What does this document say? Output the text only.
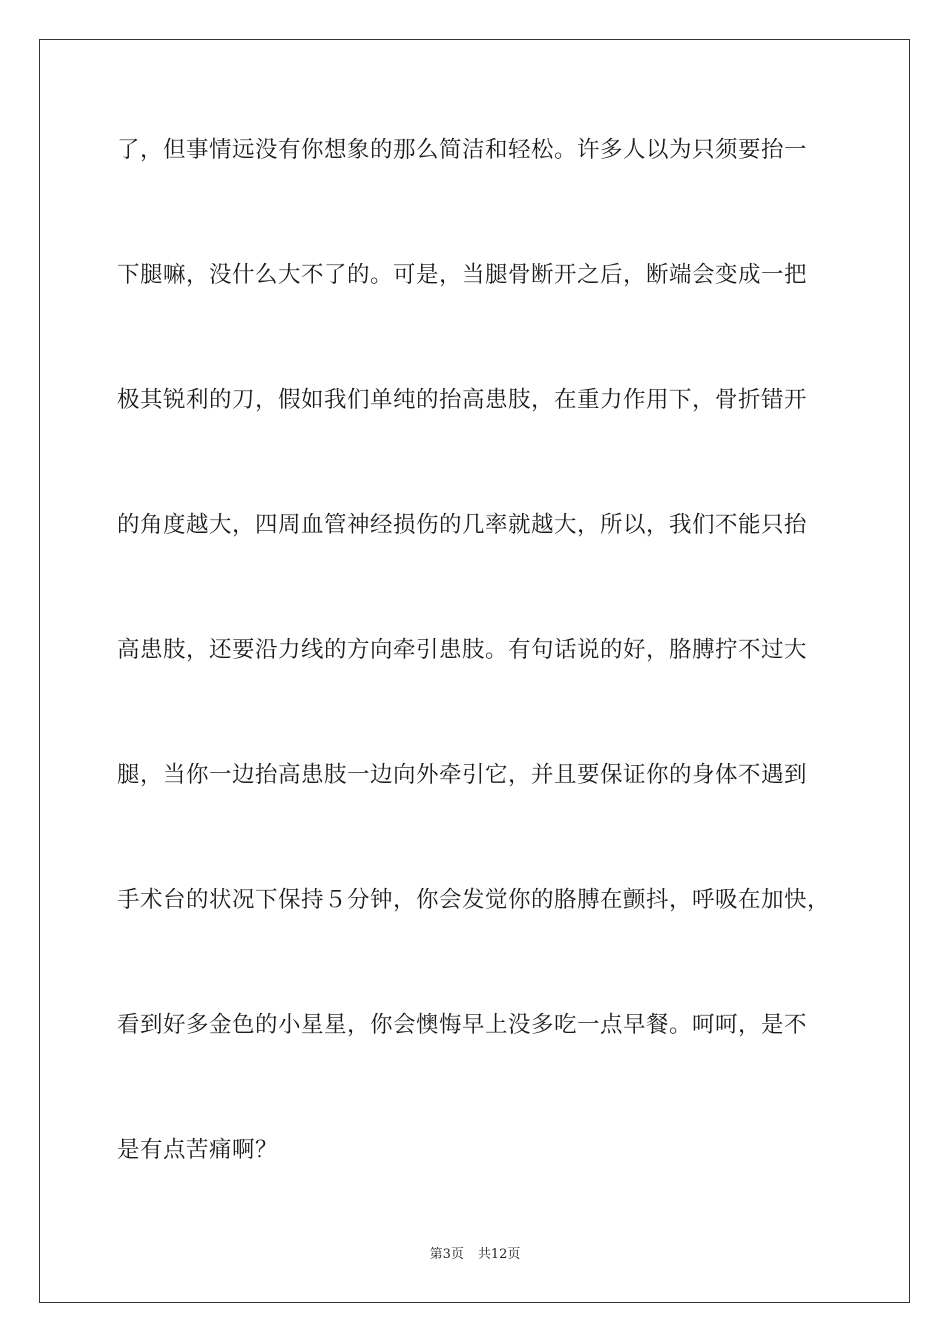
了，但事情远没有你想象的那么简洁和轻松。许多人以为只须要抬一
下腿嘛，没什么大不了的。可是，当腿骨断开之后，断端会变成一把
极其锐利的刀，假如我们单纯的抬高患肢，在重力作用下，骨折错开
的角度越大，四周血管神经损伤的几率就越大，所以，我们不能只抬
高患肢，还要沿力线的方向牵引患肢。有句话说的好，胳膊拧不过大
腿，当你一边抬高患肢一边向外牵引它，并且要保证你的身体不遇到
手术台的状况下保持５分钟，你会发觉你的胳膊在颤抖，呼吸在加快，
看到好多金色的小星星，你会懊悔早上没多吃一点早餐。呵呵，是不
是有点苦痛啊？
第3页 共12页
